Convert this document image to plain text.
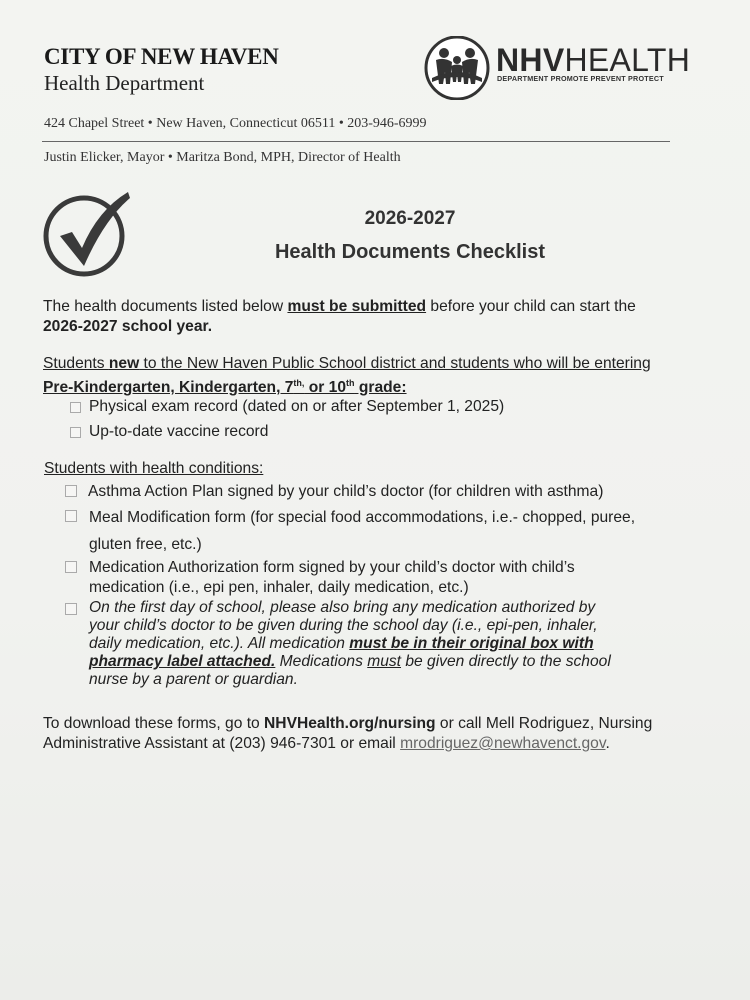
CITY OF NEW HAVEN
Health Department
NHVHEALTH
DEPARTMENT PROMOTE PREVENT PROTECT
424 Chapel Street • New Haven, Connecticut 06511 • 203-946-6999
Justin Elicker, Mayor • Maritza Bond, MPH, Director of Health
2026-2027
Health Documents Checklist
The health documents listed below must be submitted before your child can start the
2026-2027 school year.
Students new to the New Haven Public School district and students who will be entering
Pre-Kindergarten, Kindergarten, $7^{th,}$ or 10th grade:
Physical exam record (dated on or after September 1, 2025)
Up-to-date vaccine record
Students with health conditions:
Asthma Action Plan signed by your child’s doctor (for children with asthma)
Meal Modification form (for special food accommodations, i.e.- chopped, puree,
gluten free, etc.)
Medication Authorization form signed by your child’s doctor with child’s
medication (i.e., epi pen, inhaler, daily medication, etc.)
On the first day of school, please also bring any medication authorized by
your child’s doctor to be given during the school day (i.e., epi-pen, inhaler,
daily medication, etc.). All medication must be in their original box with
pharmacy label attached. Medications must be given directly to the school
nurse by a parent or guardian.
To download these forms, go to NHVHealth.org/nursing or call Mell Rodriguez, Nursing
Administrative Assistant at (203) 946-7301 or email mrodriguez@newhavenct.gov.
